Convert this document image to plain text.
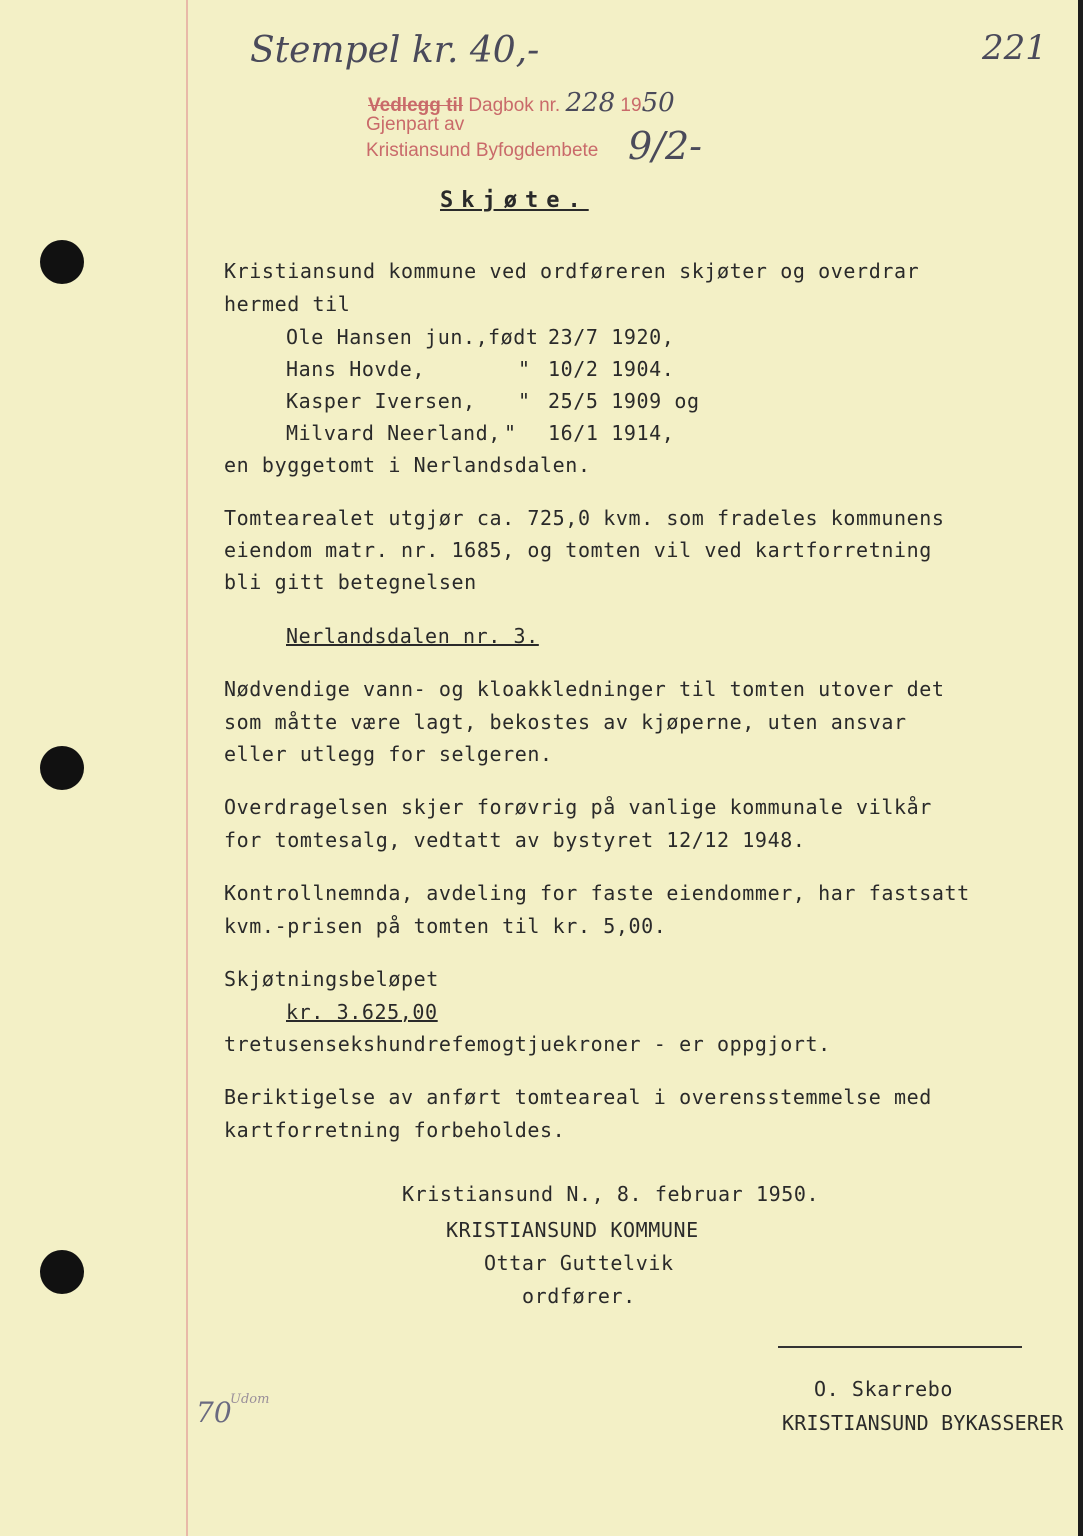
Stempel kr. 40,-	221
Vedlegg til Dagbok nr. 228 1950
Gjenpart av
Kristiansund Byfogdembete 9/2-
Skjøte.
Kristiansund kommune ved ordføreren skjøter og overdrar
hermed til
Ole Hansen jun.,født 23/7 1920,
Hans Hovde,	" 10/2 1904.
Kasper Iversen, " 25/5 1909 og
Milvard Neerland, " 16/1 1914,
en byggetomt i Nerlandsdalen.
Tomtearealet utgjør ca. 725,0 kvm. som fradeles kommunens
eiendom matr. nr. 1685, og tomten vil ved kartforretning
bli gitt betegnelsen
Nerlandsdalen nr. 3.
Nødvendige vann- og kloakkledninger til tomten utover det
som måtte være lagt, bekostes av kjøperne, uten ansvar
eller utlegg for selgeren.
Overdragelsen skjer forøvrig på vanlige kommunale vilkår
for tomtesalg, vedtatt av bystyret 12/12 1948.
Kontrollnemnda, avdeling for faste eiendommer, har fastsatt
kvm.-prisen på tomten til kr. 5,00.
Skjøtningsbeløpet
kr. 3.625,00
tretusensekshundrefemogtjuekroner - er oppgjort.
Beriktigelse av anført tomteareal i overensstemmelse med
kartforretning forbeholdes.
Kristiansund N., 8. februar 1950.
KRISTIANSUND KOMMUNE
Ottar Guttelvik
ordfører.
O. Skarrebo
KRISTIANSUND BYKASSERER
70
Udom
